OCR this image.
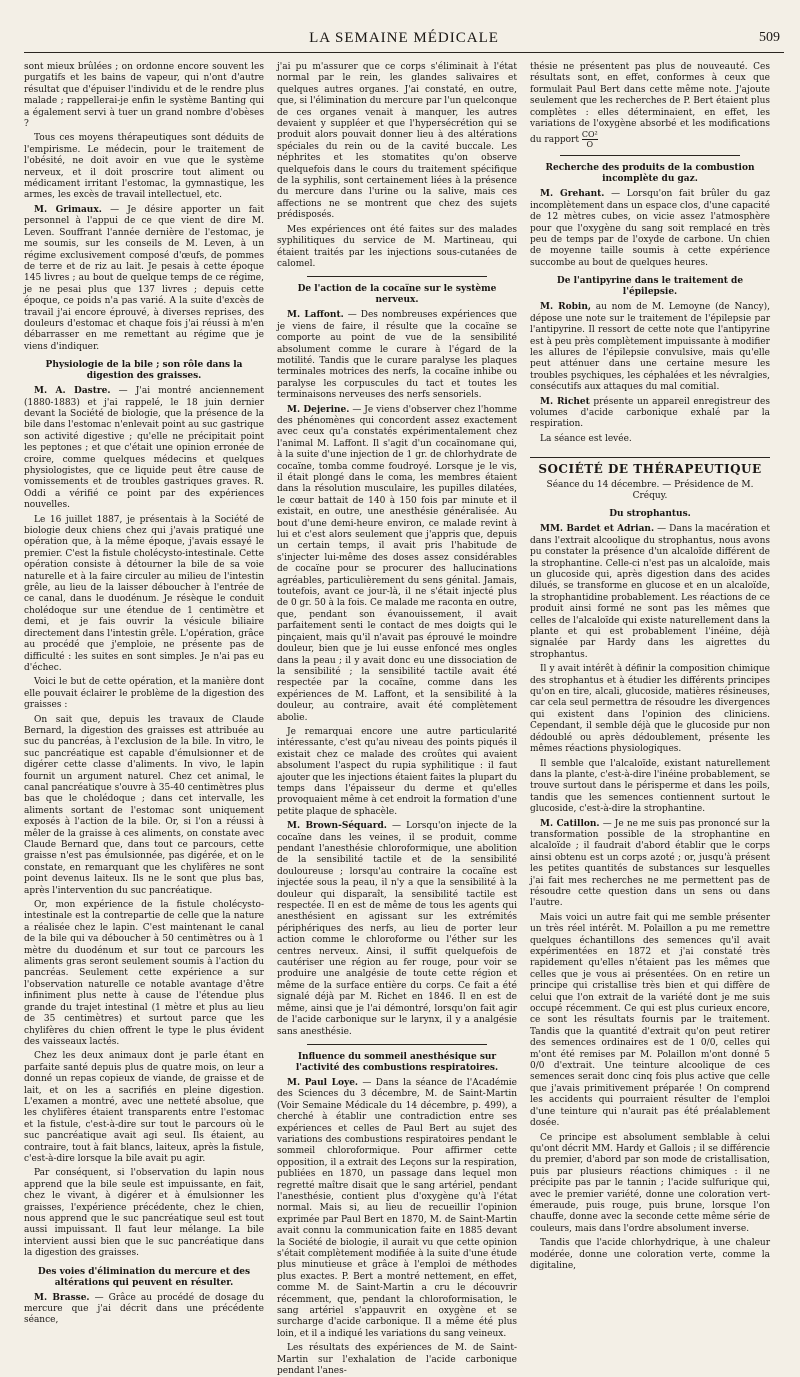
LA SEMAINE MÉDICALE	509

sont mieux brûlées ; on ordonne encore souvent les purgatifs et les bains de vapeur, qui n'ont d'autre résultat que d'épuiser l'individu et de le rendre plus malade ; rappellerai-je enfin le système Banting qui a également servi à tuer un grand nombre d'obèses ?

Tous ces moyens thérapeutiques sont déduits de l'empirisme. Le médecin, pour le traitement de l'obésité, ne doit avoir en vue que le système nerveux, et il doit proscrire tout aliment ou médicament irritant l'estomac, la gymnastique, les armes, les excès de travail intellectuel, etc.

M. Grimaux. — Je désire apporter un fait personnel à l'appui de ce que vient de dire M. Leven. Souffrant l'année dernière de l'estomac, je me soumis, sur les conseils de M. Leven, à un régime exclusivement composé d'œufs, de pommes de terre et de riz au lait. Je pesais à cette époque 145 livres ; au bout de quelque temps de ce régime, je ne pesai plus que 137 livres ; depuis cette époque, ce poids n'a pas varié. A la suite d'excès de travail j'ai encore éprouvé, à diverses reprises, des douleurs d'estomac et chaque fois j'ai réussi à m'en débarrasser en me remettant au régime que je viens d'indiquer.

Physiologie de la bile ; son rôle dans la digestion des graisses.

M. A. Dastre. — J'ai montré anciennement (1880-1883) et j'ai rappelé, le 18 juin dernier devant la Société de biologie, que la présence de la bile dans l'estomac n'enlevait point au suc gastrique son activité digestive ; qu'elle ne précipitait point les peptones ; et que c'était une opinion erronée de croire, comme quelques médecins et quelques physiologistes, que ce liquide peut être cause de vomissements et de troubles gastriques graves. R. Oddi a vérifié ce point par des expériences nouvelles.

Le 16 juillet 1887, je présentais à la Société de biologie deux chiens chez qui j'avais pratiqué une opération que, à la même époque, j'avais essayé le premier. C'est la fistule cholécysto-intestinale. Cette opération consiste à détourner la bile de sa voie naturelle et à la faire circuler au milieu de l'intestin grêle, au lieu de la laisser déboucher à l'entrée de ce canal, dans le duodénum. Je résèque le conduit cholédoque sur une étendue de 1 centimètre et demi, et je fais ouvrir la vésicule biliaire directement dans l'intestin grêle. L'opération, grâce au procédé que j'emploie, ne présente pas de difficulté : les suites en sont simples. Je n'ai pas eu d'échec.

Voici le but de cette opération, et la manière dont elle pouvait éclairer le problème de la digestion des graisses :

On sait que, depuis les travaux de Claude Bernard, la digestion des graisses est attribuée au suc du pancréas, à l'exclusion de la bile. In vitro, le suc pancréatique est capable d'émulsionner et de digérer cette classe d'aliments. In vivo, le lapin fournit un argument naturel. Chez cet animal, le canal pancréatique s'ouvre à 35-40 centimètres plus bas que le cholédoque ; dans cet intervalle, les aliments sortant de l'estomac sont uniquement exposés à l'action de la bile. Or, si l'on a réussi à mêler de la graisse à ces aliments, on constate avec Claude Bernard que, dans tout ce parcours, cette graisse n'est pas émulsionnée, pas digérée, et on le constate, en remarquant que les chylifères ne sont point devenus laiteux. Ils ne le sont que plus bas, après l'intervention du suc pancréatique.

Or, mon expérience de la fistule cholécysto-intestinale est la contrepartie de celle que la nature a réalisée chez le lapin. C'est maintenant le canal de la bile qui va déboucher à 50 centimètres ou à 1 mètre du duodénum et sur tout ce parcours les aliments gras seront seulement soumis à l'action du pancréas. Seulement cette expérience a sur l'observation naturelle ce notable avantage d'être infiniment plus nette à cause de l'étendue plus grande du trajet intestinal (1 mètre et plus au lieu de 35 centimètres) et surtout parce que les chylifères du chien offrent le type le plus évident des vaisseaux lactés.

Chez les deux animaux dont je parle étant en parfaite santé depuis plus de quatre mois, on leur a donné un repas copieux de viande, de graisse et de lait, et on les a sacrifiés en pleine digestion. L'examen a montré, avec une netteté absolue, que les chylifères étaient transparents entre l'estomac et la fistule, c'est-à-dire sur tout le parcours où le suc pancréatique avait agi seul. Ils étaient, au contraire, tout à fait blancs, laiteux, après la fistule, c'est-à-dire lorsque la bile avait pu agir.

Par conséquent, si l'observation du lapin nous apprend que la bile seule est impuissante, en fait, chez le vivant, à digérer et à émulsionner les graisses, l'expérience précédente, chez le chien, nous apprend que le suc pancréatique seul est tout aussi impuissant. Il faut leur mélange. La bile intervient aussi bien que le suc pancréatique dans la digestion des graisses.

Des voies d'élimination du mercure et des altérations qui peuvent en résulter.

M. Brasse. — Grâce au procédé de dosage du mercure que j'ai décrit dans une précédente séance,

j'ai pu m'assurer que ce corps s'éliminait à l'état normal par le rein, les glandes salivaires et quelques autres organes. J'ai constaté, en outre, que, si l'élimination du mercure par l'un quelconque de ces organes venait à manquer, les autres devaient y suppléer et que l'hypersécrétion qui se produit alors pouvait donner lieu à des altérations spéciales du rein ou de la cavité buccale. Les néphrites et les stomatites qu'on observe quelquefois dans le cours du traitement spécifique de la syphilis, sont certainement liées à la présence du mercure dans l'urine ou la salive, mais ces affections ne se montrent que chez des sujets prédisposés.

Mes expériences ont été faites sur des malades syphilitiques du service de M. Martineau, qui étaient traités par les injections sous-cutanées de calomel.

De l'action de la cocaïne sur le système nerveux.

M. Laffont. — Des nombreuses expériences que je viens de faire, il résulte que la cocaïne se comporte au point de vue de la sensibilité absolument comme le curare à l'égard de la motilité. Tandis que le curare paralyse les plaques terminales motrices des nerfs, la cocaïne inhibe ou paralyse les corpuscules du tact et toutes les terminaisons nerveuses des nerfs sensoriels.

M. Dejerine. — Je viens d'observer chez l'homme des phénomènes qui concordent assez exactement avec ceux qu'a constatés expérimentalement chez l'animal M. Laffont. Il s'agit d'un cocaïnomane qui, à la suite d'une injection de 1 gr. de chlorhydrate de cocaïne, tomba comme foudroyé. Lorsque je le vis, il était plongé dans le coma, les membres étaient dans la résolution musculaire, les pupilles dilatées, le cœur battait de 140 à 150 fois par minute et il existait, en outre, une anesthésie généralisée. Au bout d'une demi-heure environ, ce malade revint à lui et c'est alors seulement que j'appris que, depuis un certain temps, il avait pris l'habitude de s'injecter lui-même des doses assez considérables de cocaïne pour se procurer des hallucinations agréables, particulièrement du sens génital. Jamais, toutefois, avant ce jour-là, il ne s'était injecté plus de 0 gr. 50 à la fois. Ce malade me raconta en outre, que, pendant son évanouissement, il avait parfaitement senti le contact de mes doigts qui le pinçaient, mais qu'il n'avait pas éprouvé le moindre douleur, bien que je lui eusse enfoncé mes ongles dans la peau ; il y avait donc eu une dissociation de la sensibilité ; la sensibilité tactile avait été respectée par la cocaïne, comme dans les expériences de M. Laffont, et la sensibilité à la douleur, au contraire, avait été complètement abolie.

Je remarquai encore une autre particularité intéressante, c'est qu'au niveau des points piqués il existait chez ce malade des croûtes qui avaient absolument l'aspect du rupia syphilitique : il faut ajouter que les injections étaient faites la plupart du temps dans l'épaisseur du derme et qu'elles provoquaient même à cet endroit la formation d'une petite plaque de sphacèle.

M. Brown-Séquard. — Lorsqu'on injecte de la cocaïne dans les veines, il se produit, comme pendant l'anesthésie chloroformique, une abolition de la sensibilité tactile et de la sensibilité douloureuse ; lorsqu'au contraire la cocaïne est injectée sous la peau, il n'y a que la sensibilité à la douleur qui disparaît, la sensibilité tactile est respectée. Il en est de même de tous les agents qui anesthésient en agissant sur les extrémités périphériques des nerfs, au lieu de porter leur action comme le chloroforme ou l'éther sur les centres nerveux. Ainsi, il suffit quelquefois de cautériser une région au fer rouge, pour voir se produire une analgésie de toute cette région et même de la surface entière du corps. Ce fait a été signalé déjà par M. Richet en 1846. Il en est de même, ainsi que je l'ai démontré, lorsqu'on fait agir de l'acide carbonique sur le larynx, il y a analgésie sans anesthésie.

Influence du sommeil anesthésique sur l'activité des combustions respiratoires.

M. Paul Loye. — Dans la séance de l'Académie des Sciences du 3 décembre, M. de Saint-Martin (Voir Semaine Médicale du 14 décembre, p. 499), a cherché à établir une contradiction entre ses expériences et celles de Paul Bert au sujet des variations des combustions respiratoires pendant le sommeil chloroformique. Pour affirmer cette opposition, il a extrait des Leçons sur la respiration, publiées en 1870, un passage dans lequel mon regretté maître disait que le sang artériel, pendant l'anesthésie, contient plus d'oxygène qu'à l'état normal. Mais si, au lieu de recueillir l'opinion exprimée par Paul Bert en 1870, M. de Saint-Martin avait connu la communication faite en 1885 devant la Société de biologie, il aurait vu que cette opinion s'était complètement modifiée à la suite d'une étude plus minutieuse et grâce à l'emploi de méthodes plus exactes. P. Bert a montré nettement, en effet, comme M. de Saint-Martin a cru le découvrir récemment, que, pendant la chloroformisation, le sang artériel s'appauvrit en oxygène et se surcharge d'acide carbonique. Il a même été plus loin, et il a indiqué les variations du sang veineux.

Les résultats des expériences de M. de Saint-Martin sur l'exhalation de l'acide carbonique pendant l'anes-

thésie ne présentent pas plus de nouveauté. Ces résultats sont, en effet, conformes à ceux que formulait Paul Bert dans cette même note. J'ajoute seulement que les recherches de P. Bert étaient plus complètes : elles déterminaient, en effet, les variations de l'oxygène absorbé et les modifications du rapport $\frac{\text{CO²}}{O}$

Recherche des produits de la combustion incomplète du gaz.

M. Grehant. — Lorsqu'on fait brûler du gaz incomplètement dans un espace clos, d'une capacité de 12 mètres cubes, on vicie assez l'atmosphère pour que l'oxygène du sang soit remplacé en très peu de temps par de l'oxyde de carbone. Un chien de moyenne taille soumis à cette expérience succombe au bout de quelques heures.

De l'antipyrine dans le traitement de l'épilepsie.

M. Robin, au nom de M. Lemoyne (de Nancy), dépose une note sur le traitement de l'épilepsie par l'antipyrine. Il ressort de cette note que l'antipyrine est à peu près complètement impuissante à modifier les allures de l'épilepsie convulsive, mais qu'elle peut atténuer dans une certaine mesure les troubles psychiques, les céphalées et les névralgies, consécutifs aux attaques du mal comitial.

M. Richet présente un appareil enregistreur des volumes d'acide carbonique exhalé par la respiration.

La séance est levée.

SOCIÉTÉ DE THÉRAPEUTIQUE

Séance du 14 décembre. — Présidence de M. Créquy.

Du strophantus.

MM. Bardet et Adrian. — Dans la macération et dans l'extrait alcoolique du strophantus, nous avons pu constater la présence d'un alcaloïde différent de la strophantine. Celle-ci n'est pas un alcaloïde, mais un glucoside qui, après digestion dans des acides dilués, se transforme en glucose et en un alcaloïde, la strophantidine probablement. Les réactions de ce produit ainsi formé ne sont pas les mêmes que celles de l'alcaloïde qui existe naturellement dans la plante et qui est probablement l'inéine, déjà signalée par Hardy dans les aigrettes du strophantus.

Il y avait intérêt à définir la composition chimique des strophantus et à étudier les différents principes qu'on en tire, alcali, glucoside, matières résineuses, car cela seul permettra de résoudre les divergences qui existent dans l'opinion des cliniciens. Cependant, il semble déjà que le glucoside pur non dédoublé ou après dédoublement, présente les mêmes réactions physiologiques.

Il semble que l'alcaloïde, existant naturellement dans la plante, c'est-à-dire l'inéine probablement, se trouve surtout dans le périsperme et dans les poils, tandis que les semences contiennent surtout le glucoside, c'est-à-dire la strophantine.

M. Catillon. — Je ne me suis pas prononcé sur la transformation possible de la strophantine en alcaloïde ; il faudrait d'abord établir que le corps ainsi obtenu est un corps azoté ; or, jusqu'à présent les petites quantités de substances sur lesquelles j'ai fait mes recherches ne me permettent pas de résoudre cette question dans un sens ou dans l'autre.

Mais voici un autre fait qui me semble présenter un très réel intérêt. M. Polaillon a pu me remettre quelques échantillons des semences qu'il avait expérimentées en 1872 et j'ai constaté très rapidement qu'elles n'étaient pas les mêmes que celles que je vous ai présentées. On en retire un principe qui cristallise très bien et qui diffère de celui que l'on extrait de la variété dont je me suis occupé récemment. Ce qui est plus curieux encore, ce sont les résultats fournis par le traitement. Tandis que la quantité d'extrait qu'on peut retirer des semences ordinaires est de 1 0/0, celles qui m'ont été remises par M. Polaillon m'ont donné 5 0/0 d'extrait. Une teinture alcoolique de ces semences serait donc cinq fois plus active que celle que j'avais primitivement préparée ! On comprend les accidents qui pourraient résulter de l'emploi d'une teinture qui n'aurait pas été préalablement dosée.

Ce principe est absolument semblable à celui qu'ont décrit MM. Hardy et Gallois ; il se différencie du premier, d'abord par son mode de cristallisation, puis par plusieurs réactions chimiques : il ne précipite pas par le tannin ; l'acide sulfurique qui, avec le premier variété, donne une coloration vert-émeraude, puis rouge, puis brune, lorsque l'on chauffe, donne avec la seconde cette même série de couleurs, mais dans l'ordre absolument inverse.

Tandis que l'acide chlorhydrique, à une chaleur modérée, donne une coloration verte, comme la digitaline,
